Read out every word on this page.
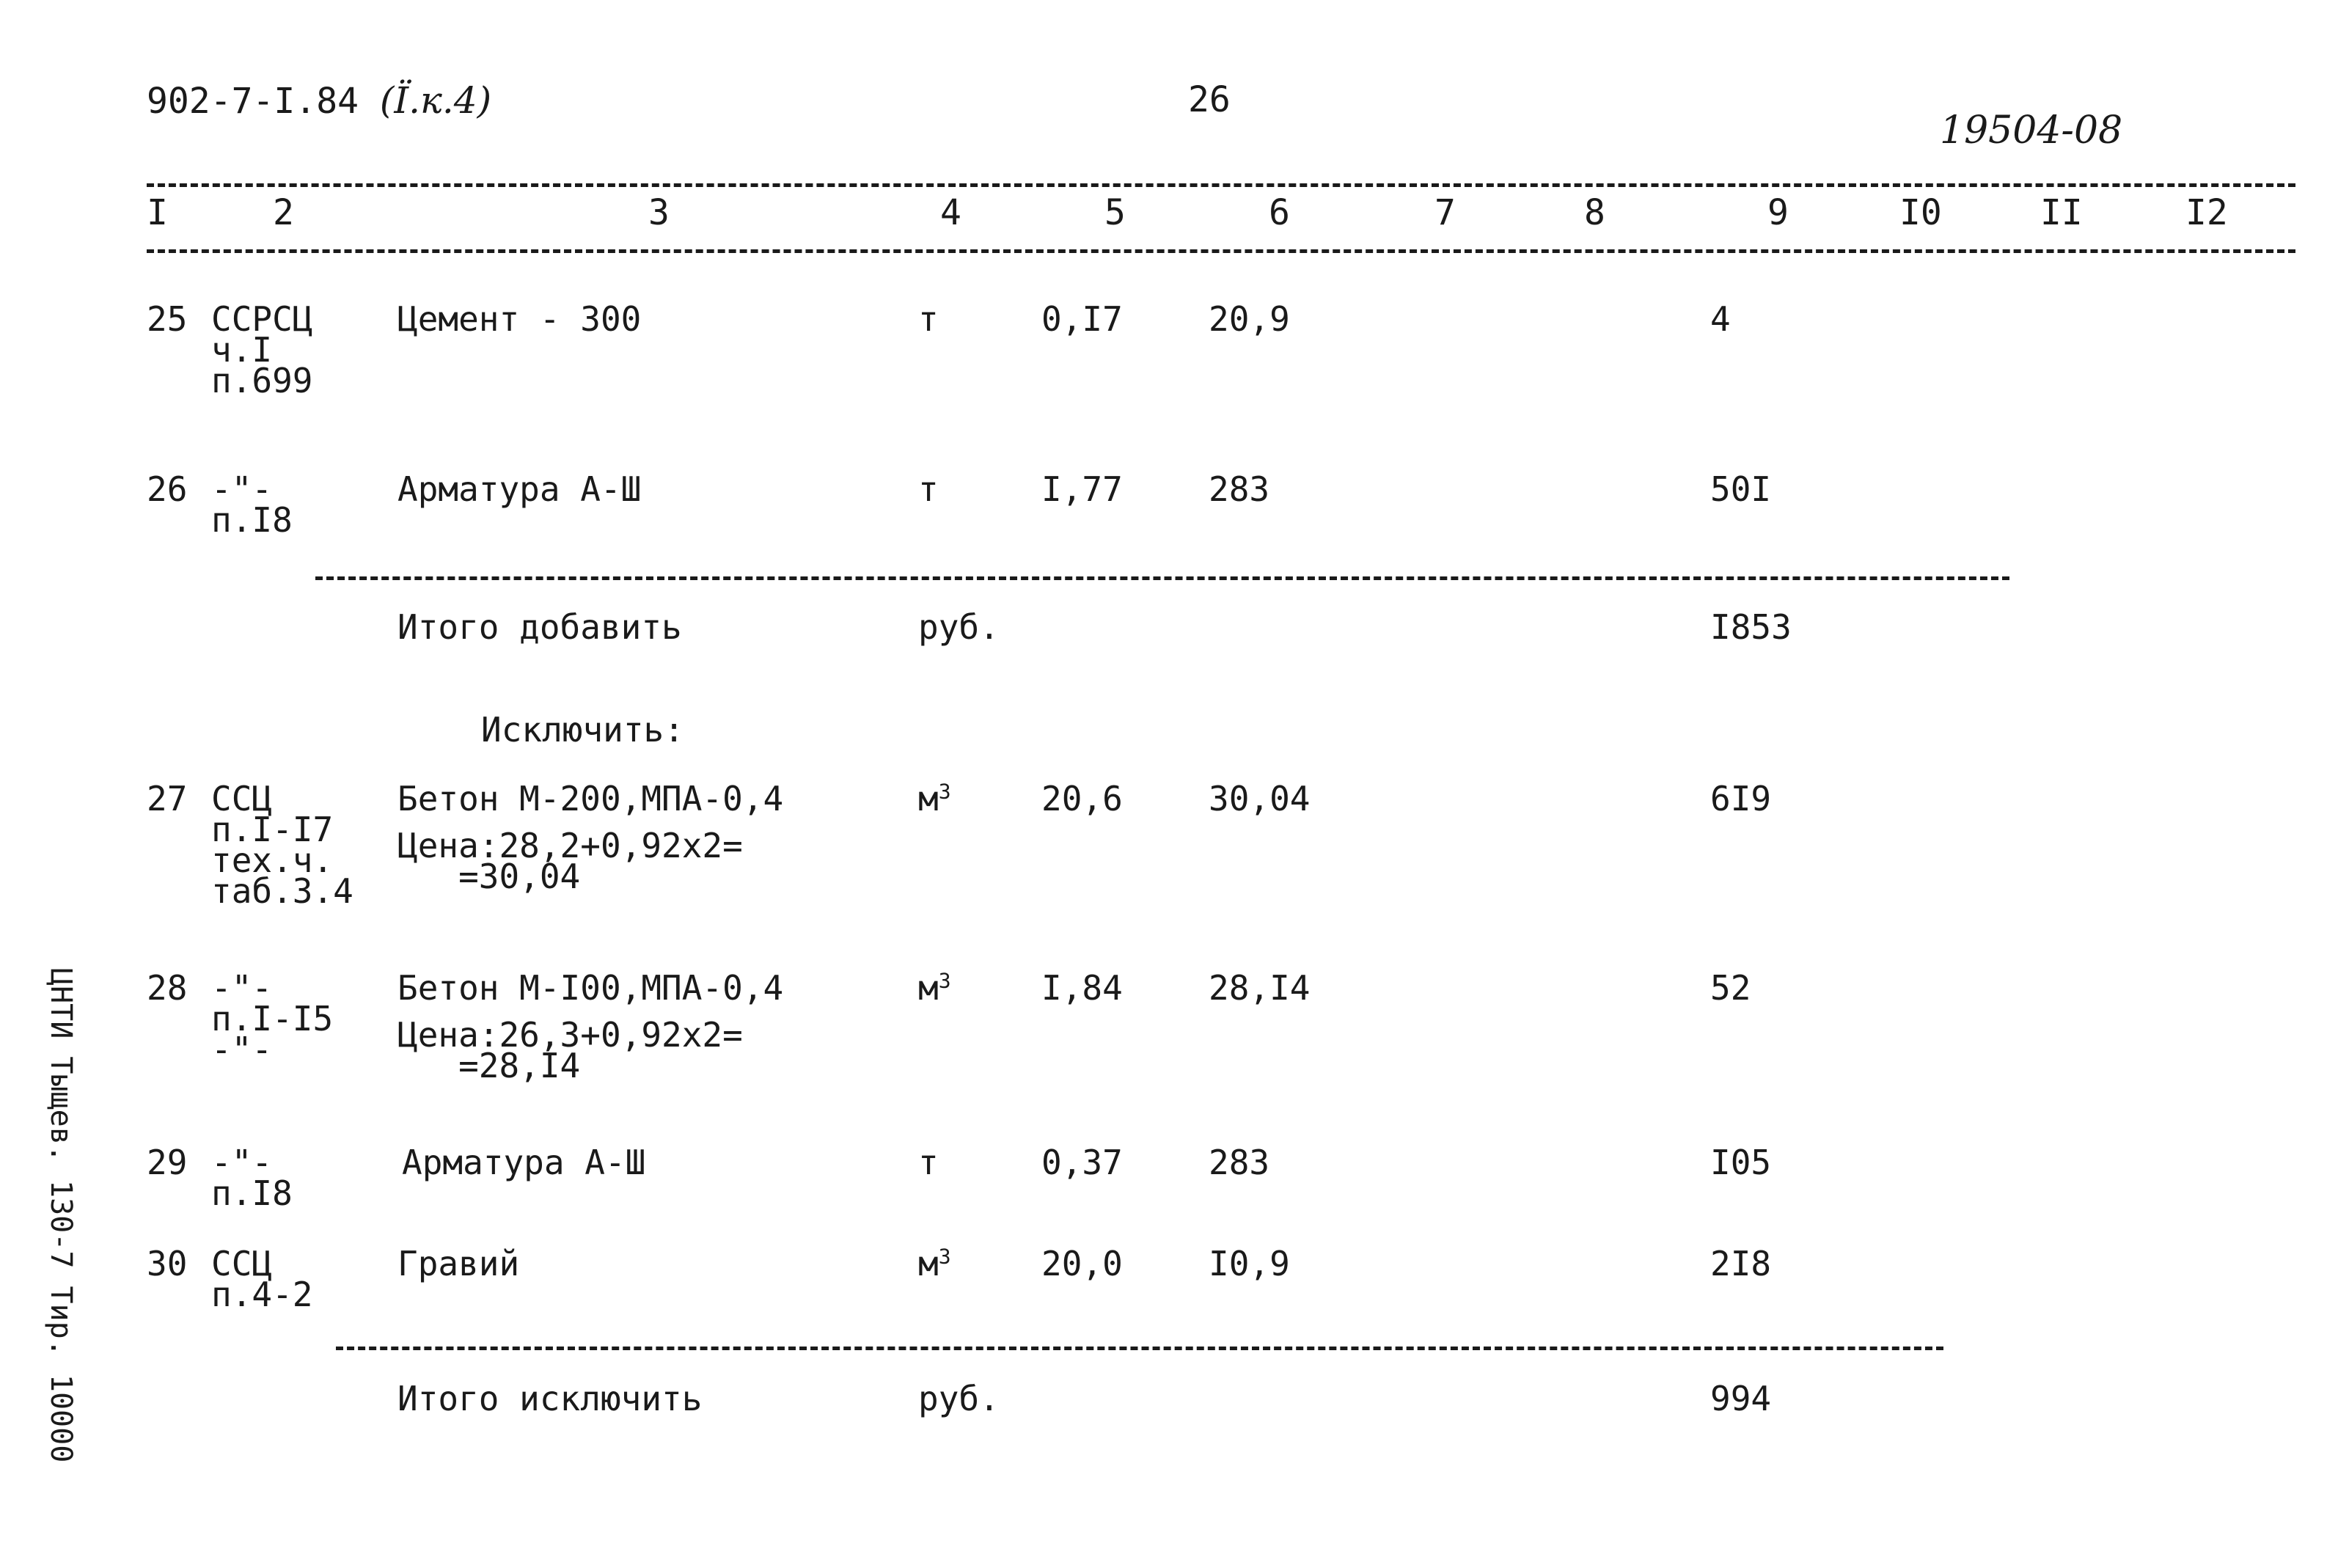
902-7-I.84 (Ї.к.4)	26
19504-08
I	2	3	4	5	6	7	8	9	I0	II	I2
25 ССРСЦ
ч.I
п.699
Цемент - 300	т	0,I7	20,9	4
26 -"-
п.I8
Арматура А-Ш	т	I,77	283	50I
Итого добавить	руб.	I853
Исключить:
27 ССЦ
п.I-I7
тех.ч.
таб.3.4
Бетон М-200,МПА-0,4
Цена:28,2+0,92х2=
=30,04
$м^3$	20,6	30,04	6I9
28 -"-
п.I-I5
-"-
Бетон М-I00,МПА-0,4
Цена:26,3+0,92х2=
=28,I4
$м^3$	I,84	28,I4	52
29 -"-
п.I8
Арматура А-Ш	т	0,37	283	I05
30 ССЦ
п.4-2
Гравий	$м^3$	20,0	I0,9	2I8
Итого исключить	руб.	994
ЦНТИ Тыщев. 130-7 Тир. 10000
